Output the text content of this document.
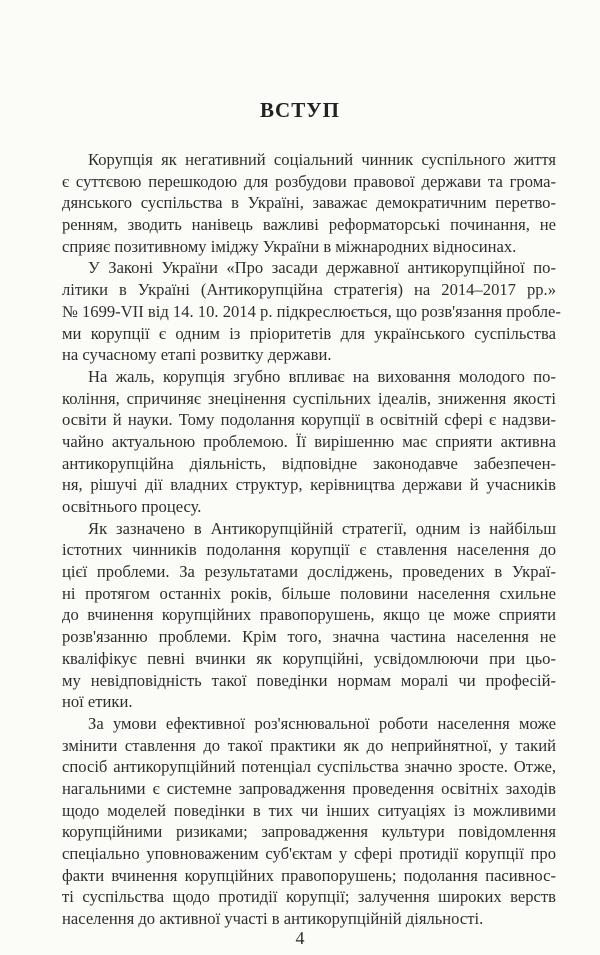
ВСТУП
Корупція як негативний соціальний чинник суспільного життя
є суттєвою перешкодою для розбудови правової держави та грома-
дянського суспільства в Україні, заважає демократичним перетво-
ренням, зводить нанівець важливі реформаторські починання, не
сприяє позитивному іміджу України в міжнародних відносинах.
У Законі України «Про засади державної антикорупційної по-
літики в Україні (Антикорупційна стратегія) на 2014–2017 рр.»
№ 1699-VII від 14. 10. 2014 р. підкреслюється, що розв'язання пробле-
ми корупції є одним із пріоритетів для українського суспільства
на сучасному етапі розвитку держави.
На жаль, корупція згубно впливає на виховання молодого по-
коління, спричиняє знецінення суспільних ідеалів, зниження якості
освіти й науки. Тому подолання корупції в освітній сфері є надзви-
чайно актуальною проблемою. Її вирішенню має сприяти активна
антикорупційна діяльність, відповідне законодавче забезпечен-
ня, рішучі дії владних структур, керівництва держави й учасників
освітнього процесу.
Як зазначено в Антикорупційній стратегії, одним із найбільш
істотних чинників подолання корупції є ставлення населення до
цієї проблеми. За результатами досліджень, проведених в Украї-
ні протягом останніх років, більше половини населення схильне
до вчинення корупційних правопорушень, якщо це може сприяти
розв'язанню проблеми. Крім того, значна частина населення не
кваліфікує певні вчинки як корупційні, усвідомлюючи при цьо-
му невідповідність такої поведінки нормам моралі чи професій-
ної етики.
За умови ефективної роз'яснювальної роботи населення може
змінити ставлення до такої практики як до неприйнятної, у такий
спосіб антикорупційний потенціал суспільства значно зросте. Отже,
нагальними є системне запровадження проведення освітніх заходів
щодо моделей поведінки в тих чи інших ситуаціях із можливими
корупційними ризиками; запровадження культури повідомлення
спеціально уповноваженим суб'єктам у сфері протидії корупції про
факти вчинення корупційних правопорушень; подолання пасивнос-
ті суспільства щодо протидії корупції; залучення широких верств
населення до активної участі в антикорупційній діяльності.
4
